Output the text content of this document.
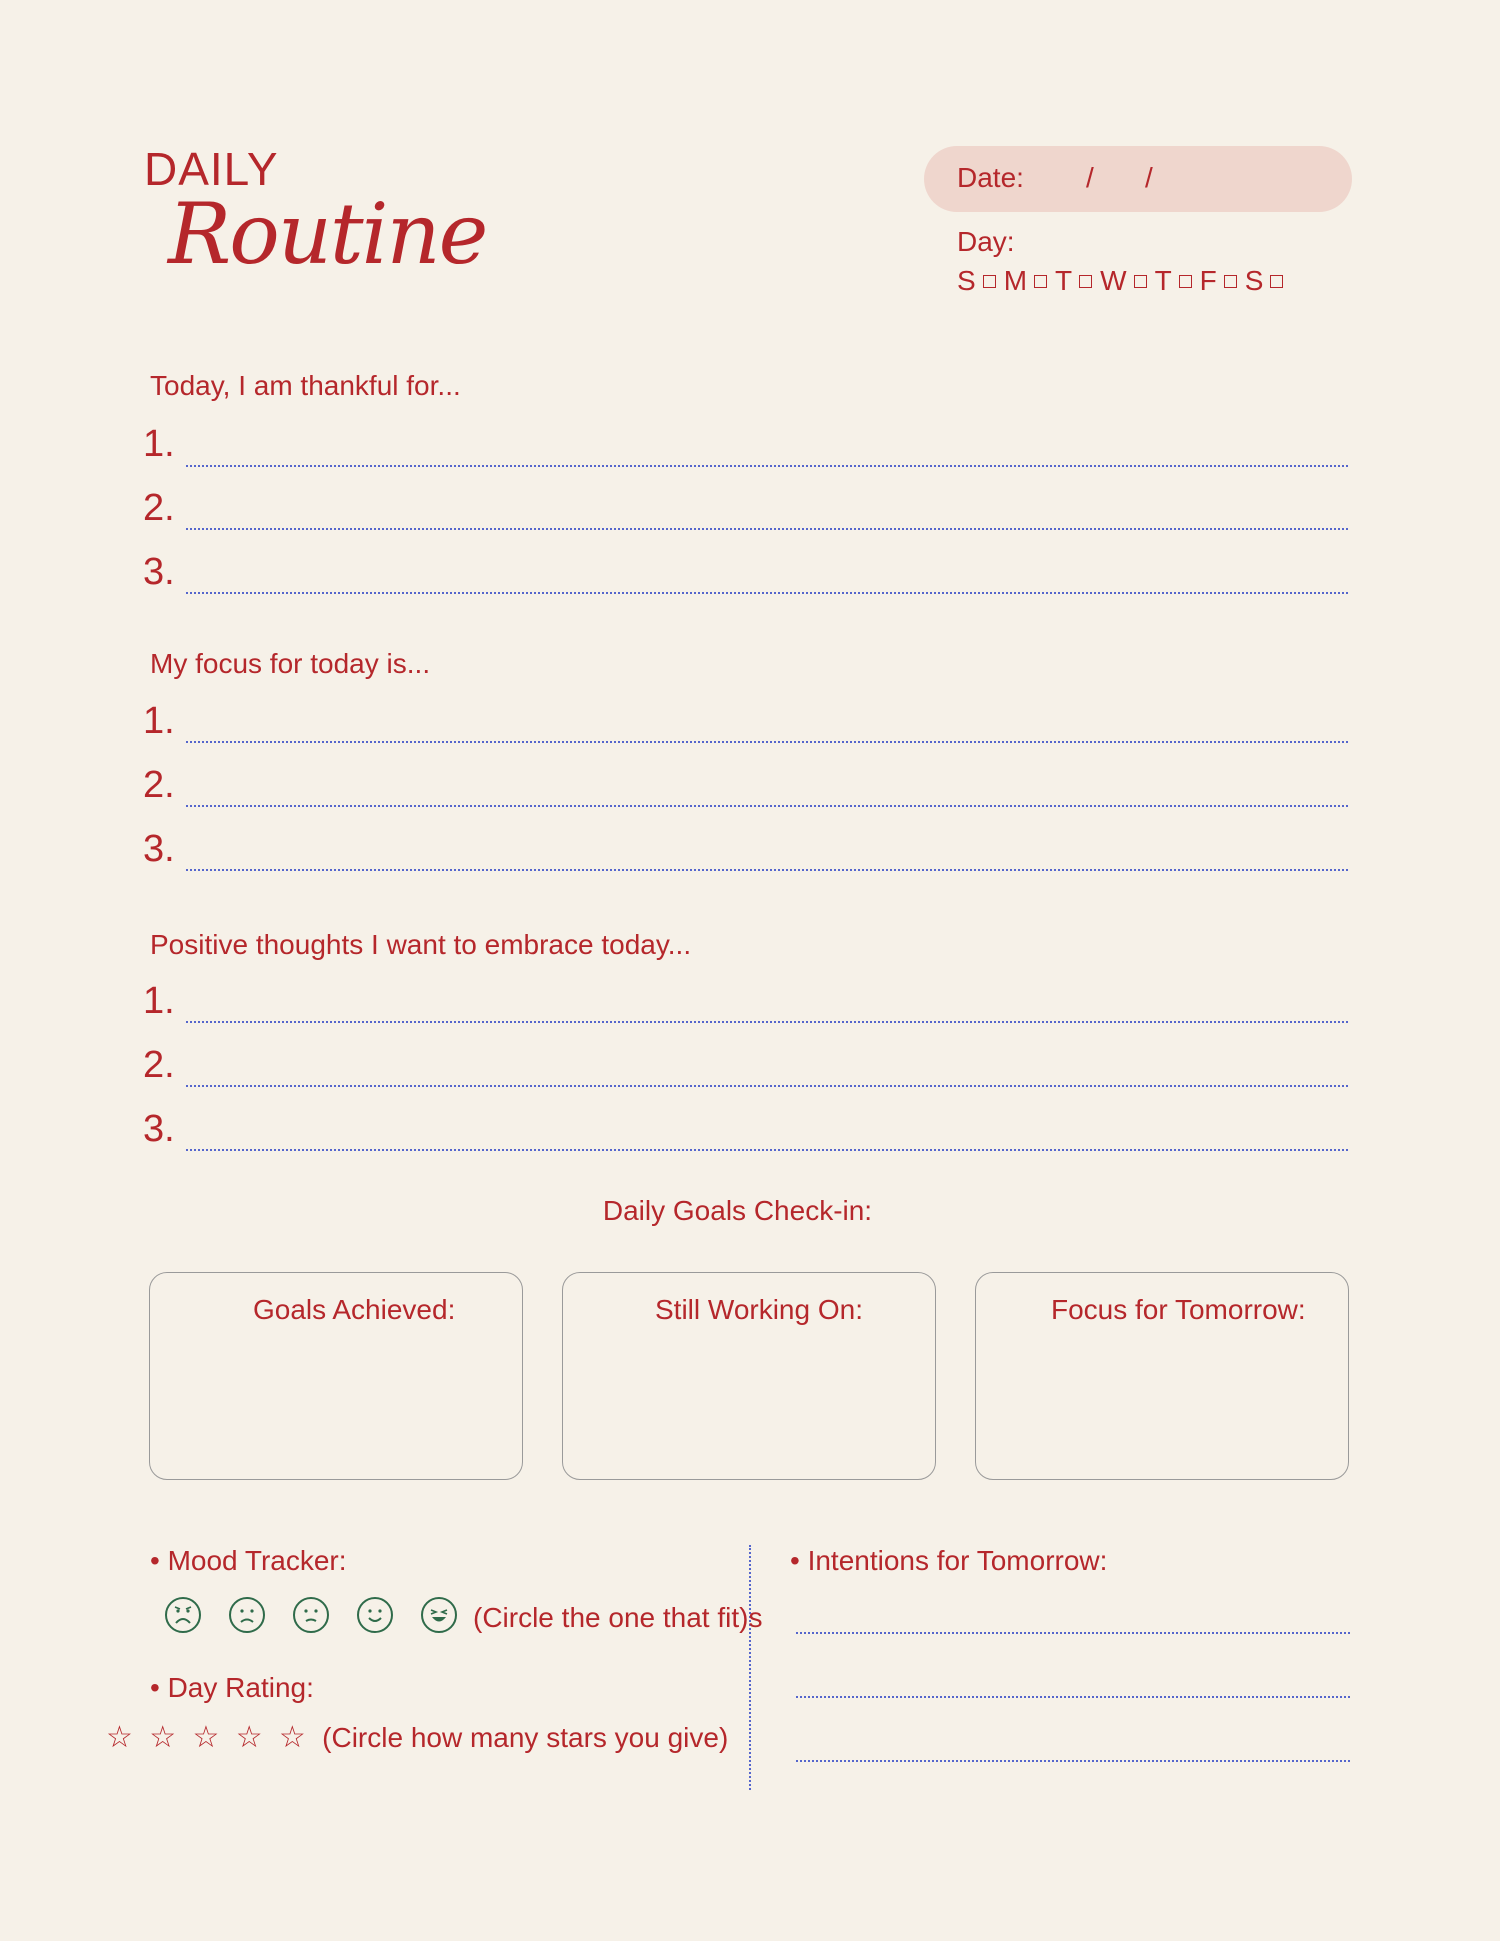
DAILY
Routine
Date: / /
Day:
S M T W T F S
Today, I am thankful for...
1.
2.
3.
My focus for today is...
1.
2.
3.
Positive thoughts I want to embrace today...
1.
2.
3.
Daily Goals Check-in:
Goals Achieved:	Still Working On:	Focus for Tomorrow:
• Mood Tracker:
(Circle the one that fit)s
• Day Rating:
☆ ☆ ☆ ☆ ☆ (Circle how many stars you give)
• Intentions for Tomorrow:
